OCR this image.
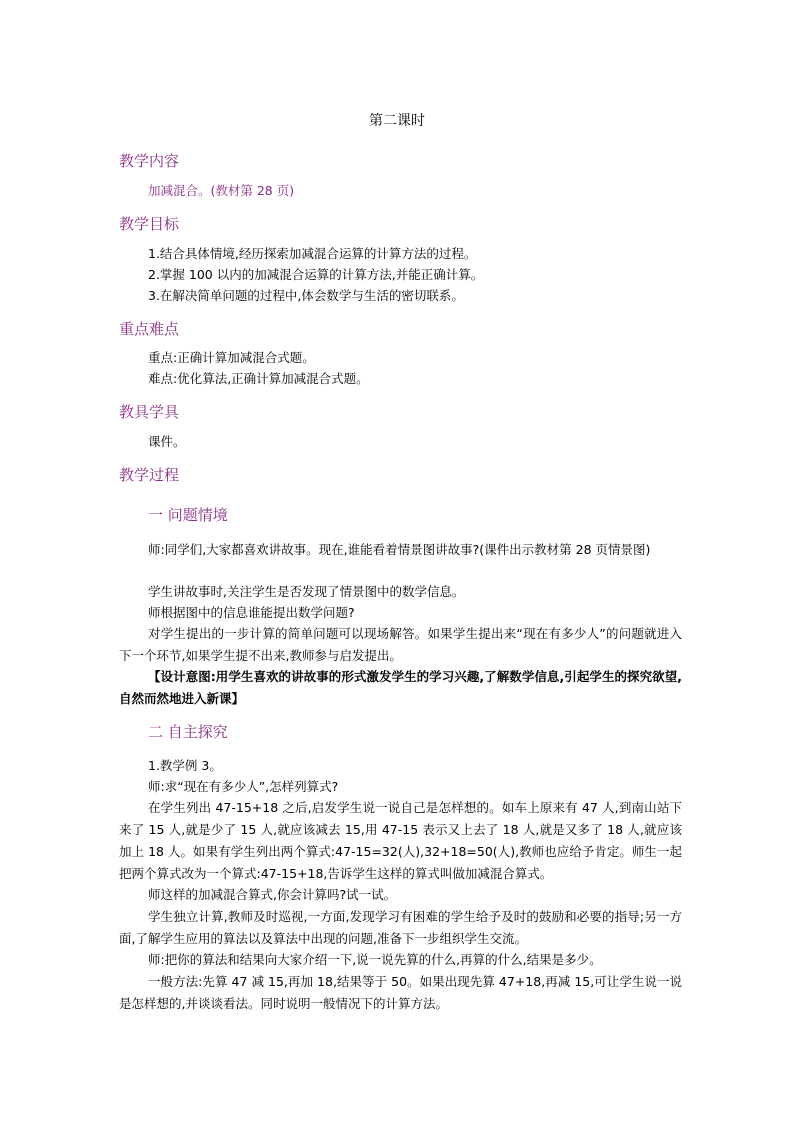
第二课时
教学内容
加减混合。(教材第 28 页)
教学目标
1.结合具体情境,经历探索加减混合运算的计算方法的过程。
2.掌握 100 以内的加减混合运算的计算方法,并能正确计算。
3.在解决简单问题的过程中,体会数学与生活的密切联系。
重点难点
重点:正确计算加减混合式题。
难点:优化算法,正确计算加减混合式题。
教具学具
课件。
教学过程
一 问题情境
师:同学们,大家都喜欢讲故事。现在,谁能看着情景图讲故事?(课件出示教材第 28 页情景图)
学生讲故事时,关注学生是否发现了情景图中的数学信息。
师根据图中的信息谁能提出数学问题?
对学生提出的一步计算的简单问题可以现场解答。如果学生提出来“现在有多少人”的问题就进入下一个环节,如果学生提不出来,教师参与启发提出。
【设计意图:用学生喜欢的讲故事的形式激发学生的学习兴趣,了解数学信息,引起学生的探究欲望,自然而然地进入新课】
二 自主探究
1.教学例 3。
师:求“现在有多少人”,怎样列算式?
在学生列出 47-15+18 之后,启发学生说一说自己是怎样想的。如车上原来有 47 人,到南山站下来了 15 人,就是少了 15 人,就应该减去 15,用 47-15 表示又上去了 18 人,就是又多了 18 人,就应该加上 18 人。如果有学生列出两个算式:47-15=32(人),32+18=50(人),教师也应给予肯定。师生一起把两个算式改为一个算式:47-15+18,告诉学生这样的算式叫做加减混合算式。
师这样的加减混合算式,你会计算吗?试一试。
学生独立计算,教师及时巡视,一方面,发现学习有困难的学生给予及时的鼓励和必要的指导;另一方面,了解学生应用的算法以及算法中出现的问题,准备下一步组织学生交流。
师:把你的算法和结果向大家介绍一下,说一说先算的什么,再算的什么,结果是多少。
一般方法:先算 47 减 15,再加 18,结果等于 50。如果出现先算 47+18,再减 15,可让学生说一说是怎样想的,并谈谈看法。同时说明一般情况下的计算方法。
